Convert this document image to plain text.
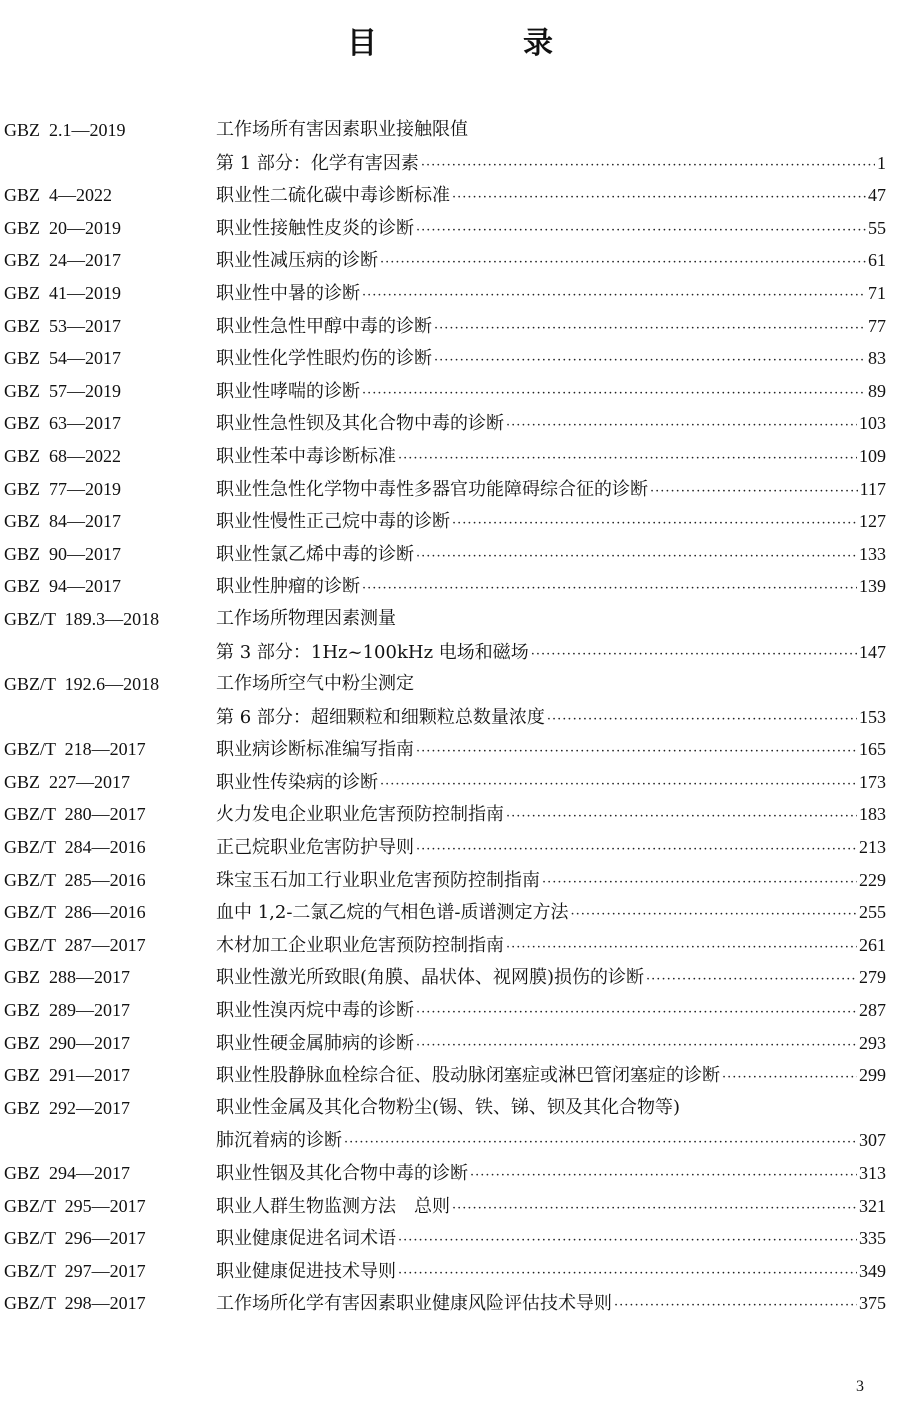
目　录
GBZ  2.1—2019	工作场所有害因素职业接触限值
第 1 部分：化学有害因素 ·····	1
GBZ  4—2022	职业性二硫化碳中毒诊断标准 ·····	47
GBZ  20—2019	职业性接触性皮炎的诊断 ·····	55
GBZ  24—2017	职业性减压病的诊断 ·····	61
GBZ  41—2019	职业性中暑的诊断 ·····	71
GBZ  53—2017	职业性急性甲醇中毒的诊断 ·····	77
GBZ  54—2017	职业性化学性眼灼伤的诊断 ·····	83
GBZ  57—2019	职业性哮喘的诊断 ·····	89
GBZ  63—2017	职业性急性钡及其化合物中毒的诊断 ·····	103
GBZ  68—2022	职业性苯中毒诊断标准 ·····	109
GBZ  77—2019	职业性急性化学物中毒性多器官功能障碍综合征的诊断 ·····	117
GBZ  84—2017	职业性慢性正己烷中毒的诊断 ·····	127
GBZ  90—2017	职业性氯乙烯中毒的诊断 ·····	133
GBZ  94—2017	职业性肿瘤的诊断 ·····	139
GBZ/T  189.3—2018	工作场所物理因素测量
第 3 部分：1Hz~100kHz 电场和磁场 ·····	147
GBZ/T  192.6—2018	工作场所空气中粉尘测定
第 6 部分：超细颗粒和细颗粒总数量浓度 ·····	153
GBZ/T  218—2017	职业病诊断标准编写指南 ·····	165
GBZ  227—2017	职业性传染病的诊断 ·····	173
GBZ/T  280—2017	火力发电企业职业危害预防控制指南 ·····	183
GBZ/T  284—2016	正己烷职业危害防护导则 ·····	213
GBZ/T  285—2016	珠宝玉石加工行业职业危害预防控制指南 ·····	229
GBZ/T  286—2016	血中 1,2-二氯乙烷的气相色谱-质谱测定方法 ·····	255
GBZ/T  287—2017	木材加工企业职业危害预防控制指南 ·····	261
GBZ  288—2017	职业性激光所致眼(角膜、晶状体、视网膜)损伤的诊断 ·····	279
GBZ  289—2017	职业性溴丙烷中毒的诊断 ·····	287
GBZ  290—2017	职业性硬金属肺病的诊断 ·····	293
GBZ  291—2017	职业性股静脉血栓综合征、股动脉闭塞症或淋巴管闭塞症的诊断 ·····	299
GBZ  292—2017	职业性金属及其化合物粉尘(锡、铁、锑、钡及其化合物等)
肺沉着病的诊断 ·····	307
GBZ  294—2017	职业性铟及其化合物中毒的诊断 ·····	313
GBZ/T  295—2017	职业人群生物监测方法　总则 ·····	321
GBZ/T  296—2017	职业健康促进名词术语 ·····	335
GBZ/T  297—2017	职业健康促进技术导则 ·····	349
GBZ/T  298—2017	工作场所化学有害因素职业健康风险评估技术导则 ·····	375
3
